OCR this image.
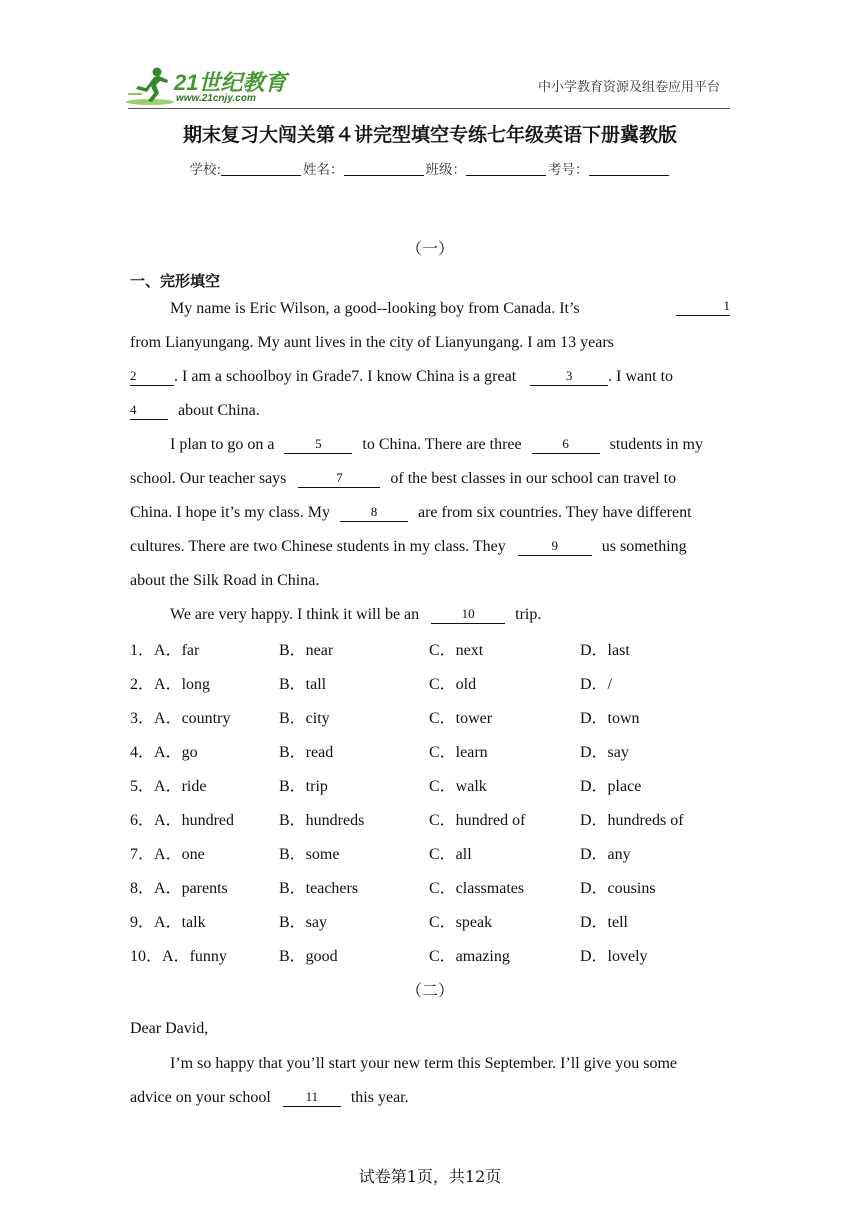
21世纪教育
www.21cnjy.com
中小学教育资源及组卷应用平台
期末复习大闯关第４讲完型填空专练七年级英语下册冀教版
学校:	姓名：	班级：	考号：
（一）
一、完形填空
My name is Eric Wilson, a good--looking boy from Canada. It’s	1
from Lianyungang. My aunt lives in the city of Lianyungang. I am 13 years
2 . I am a schoolboy in Grade7. I know China is a great	3 . I want to
4	about China.
I plan to go on a	5	to China. There are three	6	students in my
school. Our teacher says	7	of the best classes in our school can travel to
China. I hope it’s my class. My	8	are from six countries. They have different
cultures. There are two Chinese students in my class. They	9	us something
about the Silk Road in China.
We are very happy. I think it will be an	10	trip.
1．A．far	B．near	C．next	D．last
2．A．long	B．tall	C．old	D．/
3．A．country	B．city	C．tower	D．town
4．A．go	B．read	C．learn	D．say
5．A．ride	B．trip	C．walk	D．place
6．A．hundred	B．hundreds	C．hundred of	D．hundreds of
7．A．one	B．some	C．all	D．any
8．A．parents	B．teachers	C．classmates	D．cousins
9．A．talk	B．say	C．speak	D．tell
10．A．funny	B．good	C．amazing	D．lovely
（二）
Dear David,
I’m so happy that you’ll start your new term this September. I’ll give you some
advice on your school	11 this year.
试卷第1页，共12页
